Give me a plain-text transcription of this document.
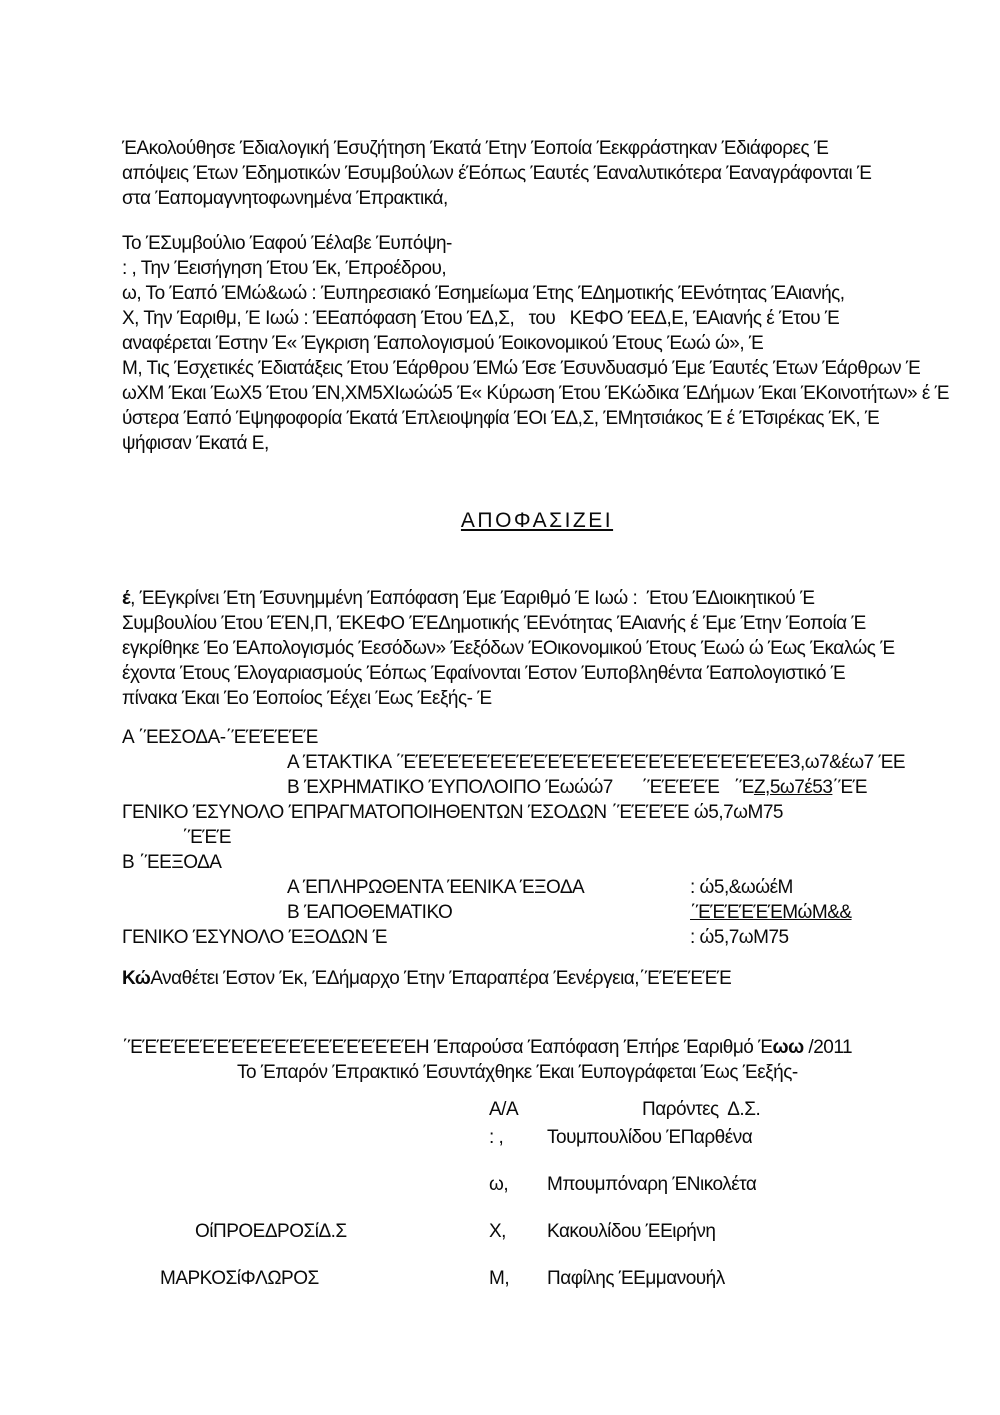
ΈΑκολούθησε Έδιαλογική Έσυζήτηση Έκατά Έτην Έοποία Έεκφράστηκαν Έδιάφορες Έ
απόψεις Έτων Έδημοτικών Έσυμβούλων έΈόπως Έαυτές Έαναλυτικότερα Έαναγράφονται Έ
στα Έαπομαγνητοφωνημένα Έπρακτικά,
Το ΈΣυμβούλιο Έαφού Έέλαβε Έυπόψη-
: , Την Έεισήγηση Έτου Έκ, Έπροέδρου,
ω, Το Έαπό ΈΜώ&ωώ : Έυπηρεσιακό Έσημείωμα Έτης ΈΔημοτικής ΈΕνότητας ΈΑιανής,
Χ, Την Έαριθμ, Έ Ιωώ : ΈΕαπόφαση Έτου ΈΔ,Σ,   του   ΚΕΦΟ ΈΕΔ,Ε, ΈΑιανής έ Έτου Έ
αναφέρεται Έστην Έ« Έγκριση Έαπολογισμού Έοικονομικού Έτους Έωώ ώ», Έ
Μ, Τις Έσχετικές Έδιατάξεις Έτου Έάρθρου ΈΜώ Έσε Έσυνδυασμό Έμε Έαυτές Έτων Έάρθρων Έ
ωΧΜ Έκαι ΈωΧ5 Έτου ΈΝ,ΧΜ5ΧΙωώώ5 Έ« Κύρωση Έτου ΈΚώδικα ΈΔήμων Έκαι ΈΚοινοτήτων» έ Έ
ύστερα Έαπό Έψηφοφορία Έκατά Έπλειοψηφία ΈΟι ΈΔ,Σ, ΈΜητσιάκος Έ έ ΈΤσιρέκας ΈΚ, Έ
ψήφισαν Έκατά Ε,
ΑΠΟΦΑΣΙΖΕΙ
έ, ΈΕγκρίνει Έτη Έσυνημμένη Έαπόφαση Έμε Έαριθμό Έ Ιωώ :  Έτου ΈΔιοικητικού Έ
Συμβουλίου Έτου ΈΈΝ,Π, ΈΚΕΦΟ ΈΈΔημοτικής ΈΕνότητας ΈΑιανής έ Έμε Έτην Έοποία Έ
εγκρίθηκε Έο ΈΑπολογισμός Έεσόδων» Έεξόδων ΈΟικονομικού Έτους Έωώ ώ Έως Έκαλώς Έ
έχοντα Έτους Έλογαριασμούς Έόπως Έφαίνονται Έστον Έυποβληθέντα Έαπολογιστικό Έ
πίνακα Έκαι Έο Έοποίος Έέχει Έως Έεξής- Έ
Α ΄ΈΕΣΟΔΑ-΄ΈΈΈΈΈΈ
Α ΈΤΑΚΤΙΚΑ ΄ΈΈΈΈΈΈΈΈΈΈΈΈΈΈΈΈΈΈΈΈΈΈΈΈΈΈΈ3,ω7&έω7 ΈΕ
Β ΈΧΡΗΜΑΤΙΚΟ ΈΥΠΟΛΟΙΠΟ Έωώώ7      ΄ΈΈΈΈΈ   ΄ΈΖ,5ω7έ53΄ΈΈ
ΓΕΝΙΚΟ ΈΣΥΝΟΛΟ ΈΠΡΑΓΜΑΤΟΠΟΙΗΘΕΝΤΩΝ ΈΣΟΔΩΝ ΄ΈΈΈΈΈ ώ5,7ωΜ75
΄ΈΈΈ
Β ΄ΈΕΞΟΔΑ
Α ΈΠΛΗΡΩΘΕΝΤΑ ΈΕΝΙΚΑ ΈΞΟΔΑ	: ώ5,&ωώέΜ
Β ΈΑΠΟΘΕΜΑΤΙΚΟ	΄ΈΈΈΈΈΈΜώΜ&&
ΓΕΝΙΚΟ ΈΣΥΝΟΛΟ ΈΞΟΔΩΝ Έ	: ώ5,7ωΜ75
ΚώΑναθέτει Έστον Έκ, ΈΔήμαρχο Έτην Έπαραπέρα Έενέργεια,΄ΈΈΈΈΈΈ
΄ΈΈΈΈΈΈΈΈΈΈΈΈΈΈΈΈΈΈΈΈΗ Έπαρούσα Έαπόφαση Έπήρε Έαριθμό Έωω /2011
Το Έπαρόν Έπρακτικό Έσυντάχθηκε Έκαι Έυπογράφεται Έως Έεξής-
Α/Α	Παρόντες  Δ.Σ.
: ,	Τουμπουλίδου ΈΠαρθένα
ω,	Μπουμπόναρη ΈΝικολέτα
ΟίΠΡΟΕΔΡΟΣίΔ.Σ	Χ,	Κακουλίδου ΈΕιρήνη
ΜΑΡΚΟΣίΦΛΩΡΟΣ	Μ,	Παφίλης ΈΕμμανουήλ
